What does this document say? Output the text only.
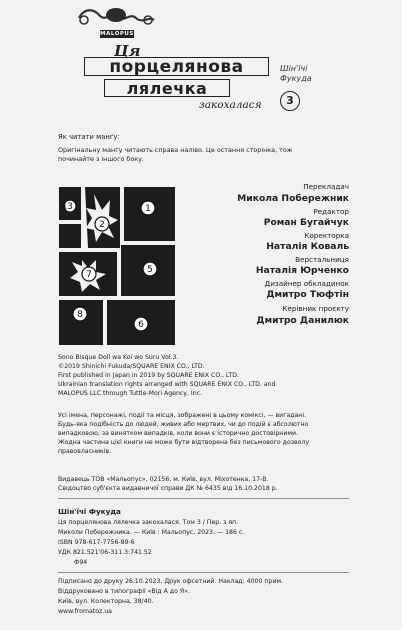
MALOPUS
Ця
порцелянова
лялечка
закохалася
Шін'їчі Фукуда
3
Як читати манґу:
Оригінальну манґу читають справа наліво. Це остання сторінка, тож
починайте з іншого боку.
3
4	1
2
5
6
7
8
Перекладач
Микола Побережник
Редактор
Роман Бугайчук
Коректорка
Наталія Коваль
Верстальниця
Наталія Юрченко
Дизайнер обкладинок
Дмитро Тюфтін
Керівник проєкту
Дмитро Данилюк
Sono Bisque Doll wa Koi wo Suru Vol.3.
©2019 Shinichi Fukuda/SQUARE ENIX CO., LTD.
First published in Japan in 2019 by SQUARE ENIX CO., LTD.
Ukrainian translation rights arranged with SQUARE ENIX CO., LTD. and
MALOPUS LLC through Tuttle-Mori Agency, Inc.
Усі імена, персонажі, події та місця, зображені в цьому коміксі, — вигадані.
Будь-яка подібність до людей, живих або мертвих, чи до подій є абсолютно
випадковою, за винятком випадків, коли вони є історично достовірними.
Жодна частина цієї книги не може бути відтворена без письмового дозволу
правовласників.
Видавець ТОВ «Мальопус», 02156, м. Київ, вул. Міхотенка, 17-В.
Свідоцтво суб'єкта видавничої справи ДК № 6435 від 16.10.2018 р.
Шін'їчі Фукуда
Ця порцелянова лялечка закохалася. Том 3 / Пер. з яп.
Миколи Побережника. — Київ : Мальопус, 2023. — 186 с.
ISBN 978-617-7756-89-6
УДК 821.521'06-311.3:741.52
Ф94
Підписано до друку 26.10.2023. Друк офсетний. Наклад: 4000 прим.
Віддруковано в типографії «Від А до Я».
Київ, вул. Колекторна, 38/40.
www.fromatoz.ua
